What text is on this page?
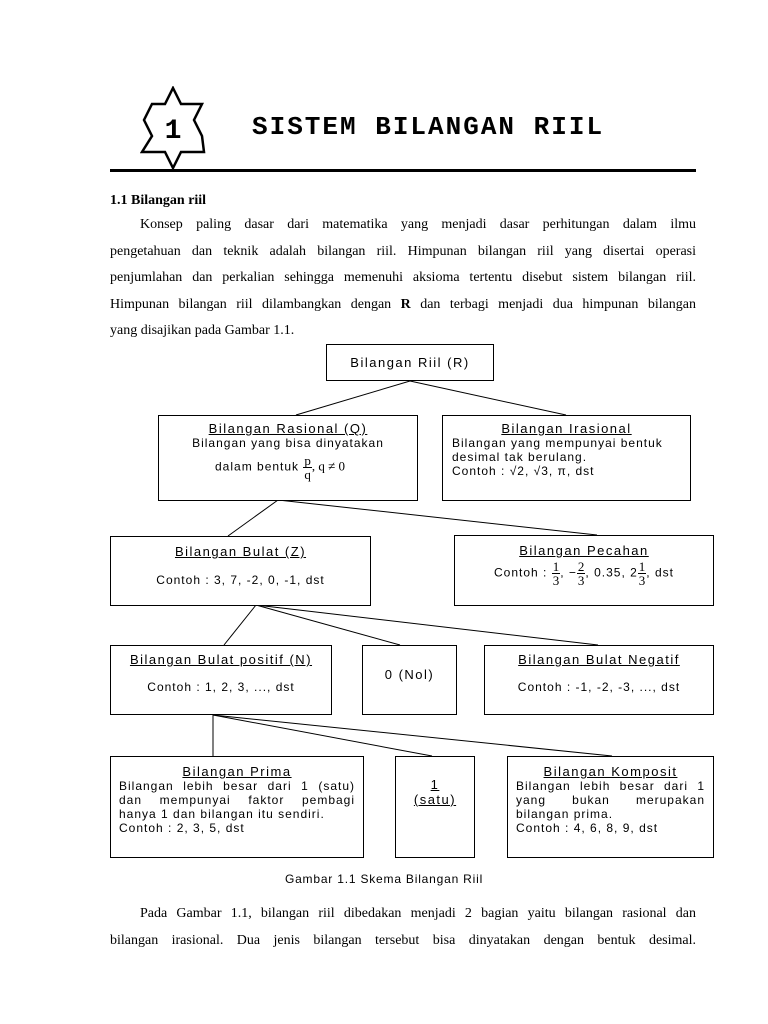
1	SISTEM BILANGAN RIIL
1.1 Bilangan riil
Konsep paling dasar dari matematika yang menjadi dasar perhitungan dalam ilmu
pengetahuan dan teknik adalah bilangan riil. Himpunan bilangan riil yang disertai operasi
penjumlahan dan perkalian sehingga memenuhi aksioma tertentu disebut sistem bilangan riil.
Himpunan bilangan riil dilambangkan dengan R dan terbagi menjadi dua himpunan bilangan
yang disajikan pada Gambar 1.1.
Bilangan Riil (R)
Bilangan Rasional (Q)
Bilangan yang bisa dinyatakan
dalam bentuk $\frac{p}{q}$ , q ≠ 0
Bilangan Irasional
Bilangan yang mempunyai bentuk
desimal tak berulang.
Contoh : √2, √3, π, dst
Bilangan Bulat (Z)
Contoh : 3, 7, -2, 0, -1, dst
Bilangan Pecahan
Contoh : $\frac{1}{3}$ , − $\frac{2}{3}$ , 0.35, $2 \frac{1}{3}$ , dst
Bilangan Bulat positif (N)
Contoh : 1, 2, 3, ..., dst
0 (Nol)
Bilangan Bulat Negatif
Contoh : -1, -2, -3, ..., dst
Bilangan Prima
Bilangan lebih besar dari 1 (satu)
dan mempunyai faktor pembagi
hanya 1 dan bilangan itu sendiri.
Contoh : 2, 3, 5, dst
1
(satu)
Bilangan Komposit
Bilangan lebih besar dari 1
yang bukan merupakan
bilangan prima.
Contoh : 4, 6, 8, 9, dst
Gambar 1.1 Skema Bilangan Riil
Pada Gambar 1.1, bilangan riil dibedakan menjadi 2 bagian yaitu bilangan rasional dan
bilangan irasional. Dua jenis bilangan tersebut bisa dinyatakan dengan bentuk desimal.
